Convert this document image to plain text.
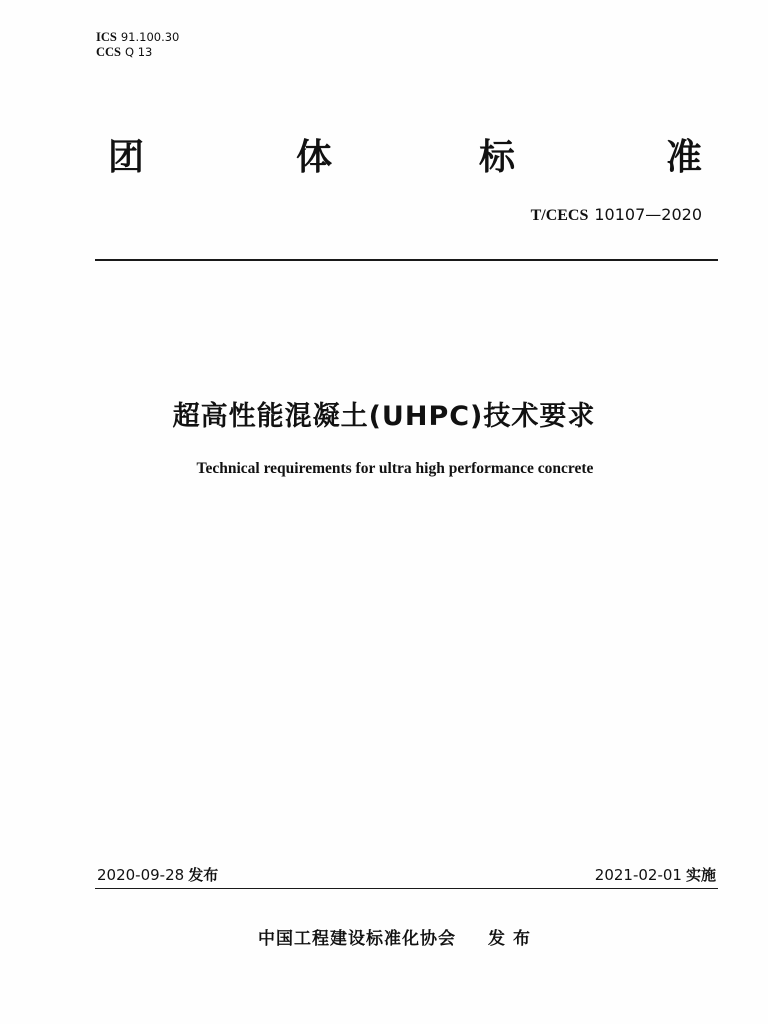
ICS 91.100.30
CCS Q 13
团	体	标	准
T/CECS 10107—2020
超高性能混凝土(UHPC)技术要求
Technical requirements for ultra high performance concrete
2020-09-28 发布	2021-02-01 实施
中国工程建设标准化协会 发布
